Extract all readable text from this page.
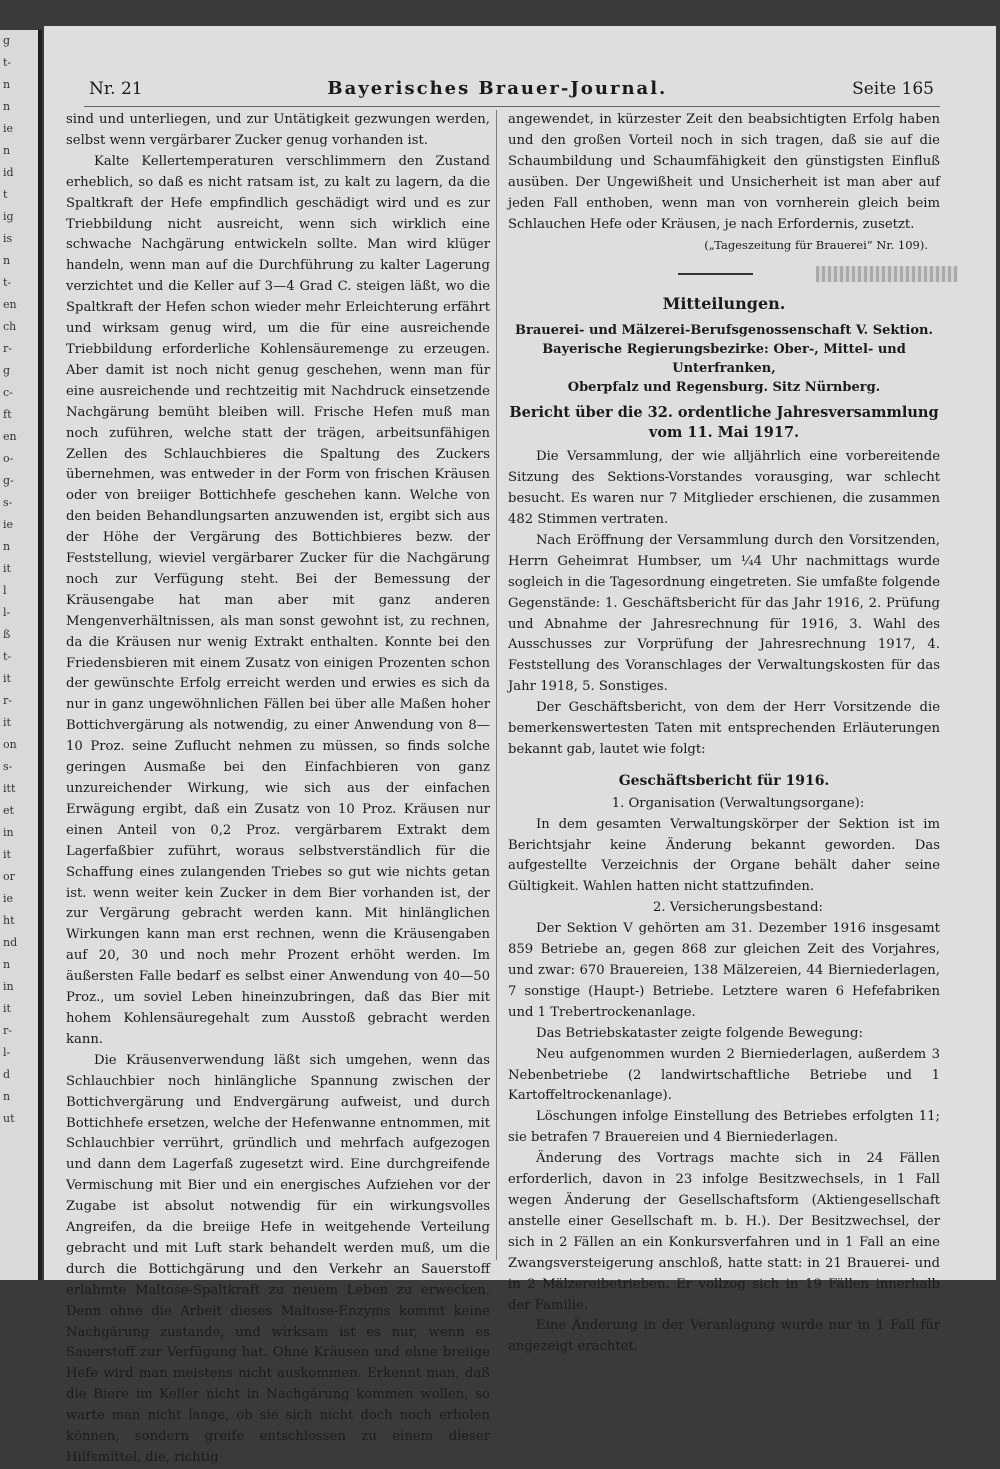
g
t-
n
n
ie
n
id
t
ig
is
n
t-
en
ch
r-
g
c-
ft
en
o-
g-
s-
ie
n
it
l
l-
ß
t-
it
r-
it
on
s-
itt
et
in
it
or
ie
ht
nd
n
in
it
r-
l-
d
n
ut
Nr. 21	Bayerisches Brauer-Journal.	Seite 165

sind und unterliegen, und zur Untätigkeit gezwungen werden, selbst wenn vergärbarer Zucker genug vorhanden ist.

Kalte Kellertemperaturen verschlimmern den Zustand erheblich, so daß es nicht ratsam ist, zu kalt zu lagern, da die Spaltkraft der Hefe empfindlich geschädigt wird und es zur Triebbildung nicht ausreicht, wenn sich wirklich eine schwache Nachgärung entwickeln sollte. Man wird klüger handeln, wenn man auf die Durchführung zu kalter Lagerung verzichtet und die Keller auf 3—4 Grad C. steigen läßt, wo die Spaltkraft der Hefen schon wieder mehr Erleichterung erfährt und wirksam genug wird, um die für eine ausreichende Triebbildung erforderliche Kohlensäuremenge zu erzeugen. Aber damit ist noch nicht genug geschehen, wenn man für eine ausreichende und rechtzeitig mit Nachdruck einsetzende Nachgärung bemüht bleiben will. Frische Hefen muß man noch zuführen, welche statt der trägen, arbeitsunfähigen Zellen des Schlauchbieres die Spaltung des Zuckers übernehmen, was entweder in der Form von frischen Kräusen oder von breiiger Bottichhefe geschehen kann. Welche von den beiden Behandlungsarten anzuwenden ist, ergibt sich aus der Höhe der Vergärung des Bottichbieres bezw. der Feststellung, wieviel vergärbarer Zucker für die Nachgärung noch zur Verfügung steht. Bei der Bemessung der Kräusengabe hat man aber mit ganz anderen Mengenverhältnissen, als man sonst gewohnt ist, zu rechnen, da die Kräusen nur wenig Extrakt enthalten. Konnte bei den Friedensbieren mit einem Zusatz von einigen Prozenten schon der gewünschte Erfolg erreicht werden und erwies es sich da nur in ganz ungewöhnlichen Fällen bei über alle Maßen hoher Bottichvergärung als notwendig, zu einer Anwendung von 8—10 Proz. seine Zuflucht nehmen zu müssen, so finds solche geringen Ausmaße bei den Einfachbieren von ganz unzureichender Wirkung, wie sich aus der einfachen Erwägung ergibt, daß ein Zusatz von 10 Proz. Kräusen nur einen Anteil von 0,2 Proz. vergärbarem Extrakt dem Lagerfaßbier zuführt, woraus selbstverständlich für die Schaffung eines zulangenden Triebes so gut wie nichts getan ist. wenn weiter kein Zucker in dem Bier vorhanden ist, der zur Vergärung gebracht werden kann. Mit hinlänglichen Wirkungen kann man erst rechnen, wenn die Kräusengaben auf 20, 30 und noch mehr Prozent erhöht werden. Im äußersten Falle bedarf es selbst einer Anwendung von 40—50 Proz., um soviel Leben hineinzubringen, daß das Bier mit hohem Kohlensäuregehalt zum Ausstoß gebracht werden kann.

Die Kräusenverwendung läßt sich umgehen, wenn das Schlauchbier noch hinlängliche Spannung zwischen der Bottichvergärung und Endvergärung aufweist, und durch Bottichhefe ersetzen, welche der Hefenwanne entnommen, mit Schlauchbier verrührt, gründlich und mehrfach aufgezogen und dann dem Lagerfaß zugesetzt wird. Eine durchgreifende Vermischung mit Bier und ein energisches Aufziehen vor der Zugabe ist absolut notwendig für ein wirkungsvolles Angreifen, da die breiige Hefe in weitgehende Verteilung gebracht und mit Luft stark behandelt werden muß, um die durch die Bottichgärung und den Verkehr an Sauerstoff erlahmte Maltose-Spaltkraft zu neuem Leben zu erwecken. Denn ohne die Arbeit dieses Maltose-Enzyms kommt keine Nachgärung zustande, und wirksam ist es nur, wenn es Sauerstoff zur Verfügung hat. Ohne Kräusen und ohne breiige Hefe wird man meistens nicht auskommen. Erkennt man, daß die Biere im Keller nicht in Nachgärung kommen wollen, so warte man nicht lange, ob sie sich nicht doch noch erholen können, sondern greife entschlossen zu einem dieser Hilfsmittel, die, richtig

angewendet, in kürzester Zeit den beabsichtigten Erfolg haben und den großen Vorteil noch in sich tragen, daß sie auf die Schaumbildung und Schaumfähigkeit den günstigsten Einfluß ausüben. Der Ungewißheit und Unsicherheit ist man aber auf jeden Fall enthoben, wenn man von vornherein gleich beim Schlauchen Hefe oder Kräusen, je nach Erfordernis, zusetzt.

(„Tageszeitung für Brauerei“ Nr. 109).

Mitteilungen.
Brauerei- und Mälzerei-Berufsgenossenschaft V. Sektion.
Bayerische Regierungsbezirke: Ober-, Mittel- und Unterfranken,
Oberpfalz und Regensburg. Sitz Nürnberg.
Bericht über die 32. ordentliche Jahresversammlung vom 11. Mai 1917.

Die Versammlung, der wie alljährlich eine vorbereitende Sitzung des Sektions-Vorstandes vorausging, war schlecht besucht. Es waren nur 7 Mitglieder erschienen, die zusammen 482 Stimmen vertraten.

Nach Eröffnung der Versammlung durch den Vorsitzenden, Herrn Geheimrat Humbser, um ¼4 Uhr nachmittags wurde sogleich in die Tagesordnung eingetreten. Sie umfaßte folgende Gegenstände: 1. Geschäftsbericht für das Jahr 1916, 2. Prüfung und Abnahme der Jahresrechnung für 1916, 3. Wahl des Ausschusses zur Vorprüfung der Jahresrechnung 1917, 4. Feststellung des Voranschlages der Verwaltungskosten für das Jahr 1918, 5. Sonstiges.

Der Geschäftsbericht, von dem der Herr Vorsitzende die bemerkenswertesten Taten mit entsprechenden Erläuterungen bekannt gab, lautet wie folgt:

Geschäftsbericht für 1916.

1. Organisation (Verwaltungsorgane):

In dem gesamten Verwaltungskörper der Sektion ist im Berichtsjahr keine Änderung bekannt geworden. Das aufgestellte Verzeichnis der Organe behält daher seine Gültigkeit. Wahlen hatten nicht stattzufinden.

2. Versicherungsbestand:

Der Sektion V gehörten am 31. Dezember 1916 insgesamt 859 Betriebe an, gegen 868 zur gleichen Zeit des Vorjahres, und zwar: 670 Brauereien, 138 Mälzereien, 44 Bierniederlagen, 7 sonstige (Haupt-) Betriebe. Letztere waren 6 Hefefabriken und 1 Trebertrockenanlage.

Das Betriebskataster zeigte folgende Bewegung:

Neu aufgenommen wurden 2 Bierniederlagen, außerdem 3 Nebenbetriebe (2 landwirtschaftliche Betriebe und 1 Kartoffeltrockenanlage).

Löschungen infolge Einstellung des Betriebes erfolgten 11; sie betrafen 7 Brauereien und 4 Bierniederlagen.

Änderung des Vortrags machte sich in 24 Fällen erforderlich, davon in 23 infolge Besitzwechsels, in 1 Fall wegen Änderung der Gesellschaftsform (Aktiengesellschaft anstelle einer Gesellschaft m. b. H.). Der Besitzwechsel, der sich in 2 Fällen an ein Konkursverfahren und in 1 Fall an eine Zwangsversteigerung anschloß, hatte statt: in 21 Brauerei- und in 2 Mälzereibetrieben. Er vollzog sich in 19 Fällen innerhalb der Familie.

Eine Änderung in der Veranlagung wurde nur in 1 Fall für angezeigt erachtet.
